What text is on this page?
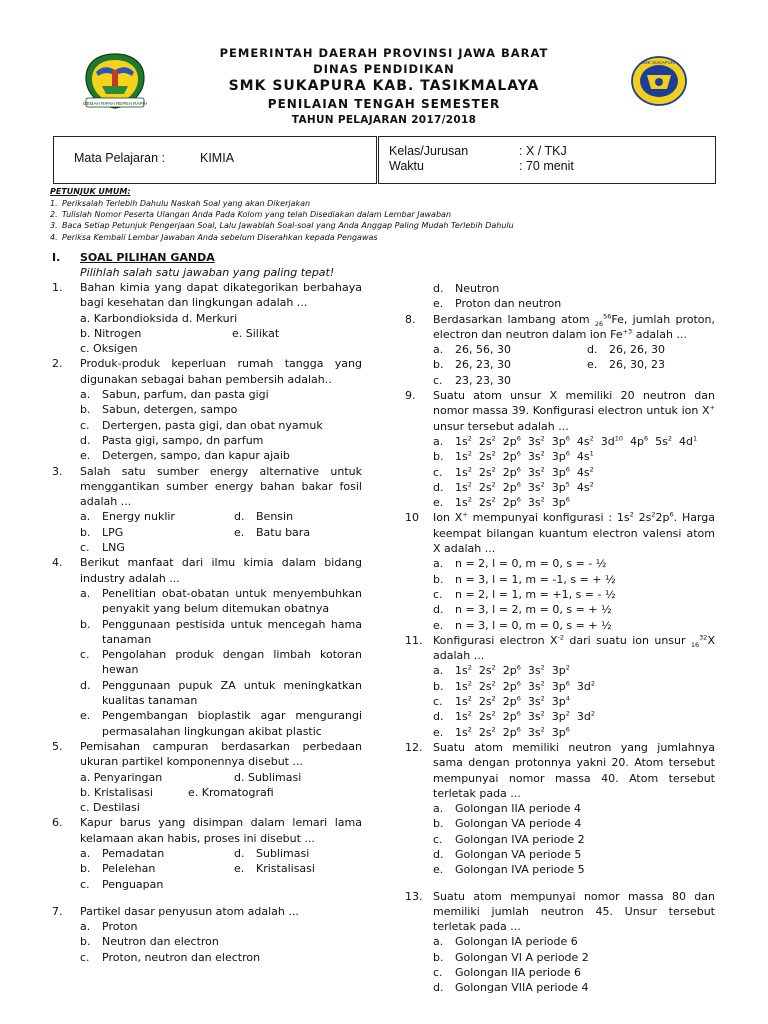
GEMAH RIPAH REPEH RAPIH
SMK SUKAPURA
PEMERINTAH DAERAH PROVINSI JAWA BARAT
DINAS PENDIDIKAN
SMK SUKAPURA KAB. TASIKMALAYA
PENILAIAN TENGAH SEMESTER
TAHUN PELAJARAN 2017/2018
Mata Pelajaran :	KIMIA	Kelas/Jurusan	: X / TKJ
Waktu	: 70 menit
PETUNJUK UMUM:
1. Periksalah Terlebih Dahulu Naskah Soal yang akan Dikerjakan
2. Tulislah Nomor Peserta Ulangan Anda Pada Kolom yang telah Disediakan dalam Lembar Jawaban
3. Baca Setiap Petunjuk Pengerjaan Soal, Lalu Jawablah Soal-soal yang Anda Anggap Paling Mudah Terlebih Dahulu
4. Periksa Kembali Lembar Jawaban Anda sebelum Diserahkan kepada Pengawas
I. SOAL PILIHAN GANDA
Pilihlah salah satu jawaban yang paling tepat!
1. Bahan kimia yang dapat dikategorikan berbahaya bagi kesehatan dan lingkungan adalah ...
a. Karbondioksida d. Merkuri
b. Nitrogen	e. Silikat
c. Oksigen
2. Produk-produk keperluan rumah tangga yang digunakan sebagai bahan pembersih adalah..
a. Sabun, parfum, dan pasta gigi
b. Sabun, detergen, sampo
c. Dertergen, pasta gigi, dan obat nyamuk
d. Pasta gigi, sampo, dn parfum
e. Detergen, sampo, dan kapur ajaib
3. Salah satu sumber energy alternative untuk menggantikan sumber energy bahan bakar fosil adalah ...
a. Energy nuklir	d. Bensin
b. LPG	e. Batu bara
c. LNG
4. Berikut manfaat dari ilmu kimia dalam bidang industry adalah ...
a. Penelitian obat-obatan untuk menyembuhkan penyakit yang belum ditemukan obatnya
b. Penggunaan pestisida untuk mencegah hama tanaman
c. Pengolahan produk dengan limbah kotoran hewan
d. Penggunaan pupuk ZA untuk meningkatkan kualitas tanaman
e. Pengembangan bioplastik agar mengurangi permasalahan lingkungan akibat plastic
5. Pemisahan campuran berdasarkan perbedaan ukuran partikel komponennya disebut ...
a. Penyaringan	d. Sublimasi
b. Kristalisasi	e. Kromatografi
c. Destilasi
6. Kapur barus yang disimpan dalam lemari lama kelamaan akan habis, proses ini disebut ...
a. Pemadatan	d. Sublimasi
b. Pelelehan	e. Kristalisasi
c. Penguapan
7. Partikel dasar penyusun atom adalah ...
a. Proton
b. Neutron dan electron
c. Proton, neutron dan electron
d. Neutron
e. Proton dan neutron
8. Berdasarkan lambang atom $_{26}^{56}$Fe, jumlah proton, electron dan neutron dalam ion $Fe^{+3}$ adalah ...
a. 26, 56, 30	d. 26, 26, 30
b. 26, 23, 30	e. 26, 30, 23
c. 23, 23, 30
9. Suatu atom unsur X memiliki 20 neutron dan nomor massa 39. Konfigurasi electron untuk ion X+ unsur tersebut adalah ...
a. $1s^2$ $2s^2$ $2p^6$ $3s^2$ $3p^6$ $4s^2$ $3d^{10}$ $4p^6$ $5s^2$ $4d^1$
b. $1s^2$ $2s^2$ $2p^6$ $3s^2$ $3p^6$ $4s^1$
c. $1s^2$ $2s^2$ $2p^6$ $3s^2$ $3p^6$ $4s^2$
d. $1s^2$ $2s^2$ $2p^6$ $3s^2$ $3p^5$ $4s^2$
e. $1s^2$ $2s^2$ $2p^6$ $3s^2$ $3p^6$
10 Ion X+ mempunyai konfigurasi : $1s^2$ $2s^22p^6$. Harga keempat bilangan kuantum electron valensi atom X adalah ...
a. n = 2, l = 0, m = 0, s = - ½
b. n = 3, l = 1, m = -1, s = + ½
c. n = 2, l = 1, m = +1, s = - ½
d. n = 3, l = 2, m = 0, s = + ½
e. n = 3, l = 0, m = 0, s = + ½
11. Konfigurasi electron $X^{-2}$ dari suatu ion unsur $_{16}^{32}$X adalah ...
a. $1s^2$ $2s^2$ $2p^6$ $3s^2$ $3p^2$
b. $1s^2$ $2s^2$ $2p^6$ $3s^2$ $3p^6$ $3d^2$
c. $1s^2$ $2s^2$ $2p^6$ $3s^2$ $3p^4$
d. $1s^2$ $2s^2$ $2p^6$ $3s^2$ $3p^2$ $3d^2$
e. $1s^2$ $2s^2$ $2p^6$ $3s^2$ $3p^6$
12. Suatu atom memiliki neutron yang jumlahnya sama dengan protonnya yakni 20. Atom tersebut mempunyai nomor massa 40. Atom tersebut terletak pada ...
a. Golongan IIA periode 4
b. Golongan VA periode 4
c. Golongan IVA periode 2
d. Golongan VA periode 5
e. Golongan IVA periode 5
13. Suatu atom mempunyai nomor massa 80 dan memiliki jumlah neutron 45. Unsur tersebut terletak pada ...
a. Golongan IA periode 6
b. Golongan VI A periode 2
c. Golongan IIA periode 6
d. Golongan VIIA periode 4
